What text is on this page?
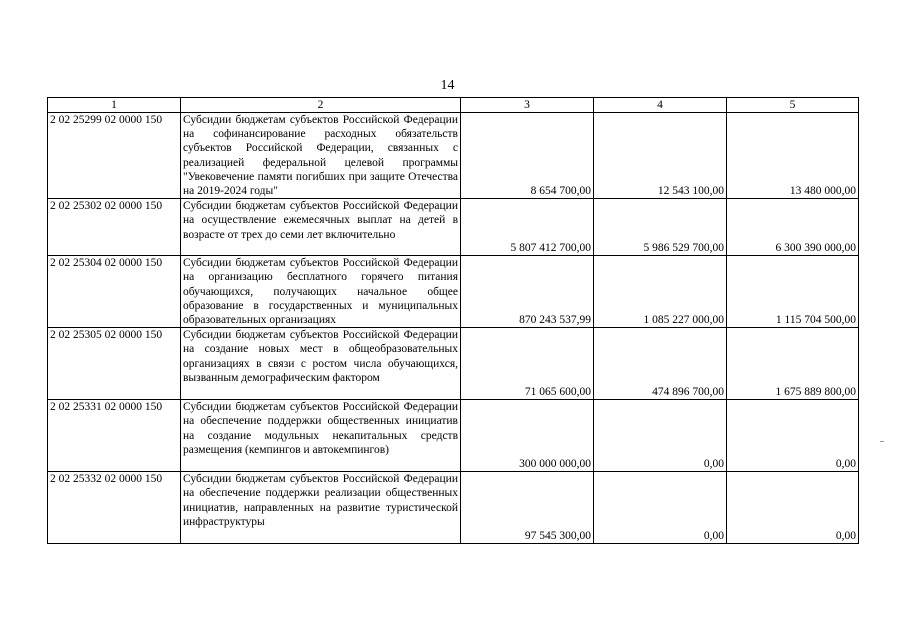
14
1	2	3	4	5
2 02 25299 02 0000 150	Субсидии бюджетам субъектов Российской Федерации на софинансирование расходных обязательств субъектов Российской Федерации, связанных с реализацией федеральной целевой программы "Увековечение памяти погибших при защите Отечества на 2019-2024 годы"	8 654 700,00	12 543 100,00	13 480 000,00
2 02 25302 02 0000 150	Субсидии бюджетам субъектов Российской Федерации на осуществление ежемесячных выплат на детей в возрасте от трех до семи лет включительно	5 807 412 700,00	5 986 529 700,00	6 300 390 000,00
2 02 25304 02 0000 150	Субсидии бюджетам субъектов Российской Федерации на организацию бесплатного горячего питания обучающихся, получающих начальное общее образование в государственных и муниципальных образовательных организациях	870 243 537,99	1 085 227 000,00	1 115 704 500,00
2 02 25305 02 0000 150	Субсидии бюджетам субъектов Российской Федерации на создание новых мест в общеобразовательных организациях в связи с ростом числа обучающихся, вызванным демографическим фактором	71 065 600,00	474 896 700,00	1 675 889 800,00
2 02 25331 02 0000 150	Субсидии бюджетам субъектов Российской Федерации на обеспечение поддержки общественных инициатив на создание модульных некапитальных средств размещения (кемпингов и автокемпингов)	300 000 000,00	0,00	0,00
2 02 25332 02 0000 150	Субсидии бюджетам субъектов Российской Федерации на обеспечение поддержки реализации общественных инициатив, направленных на развитие туристической инфраструктуры	97 545 300,00	0,00	0,00
